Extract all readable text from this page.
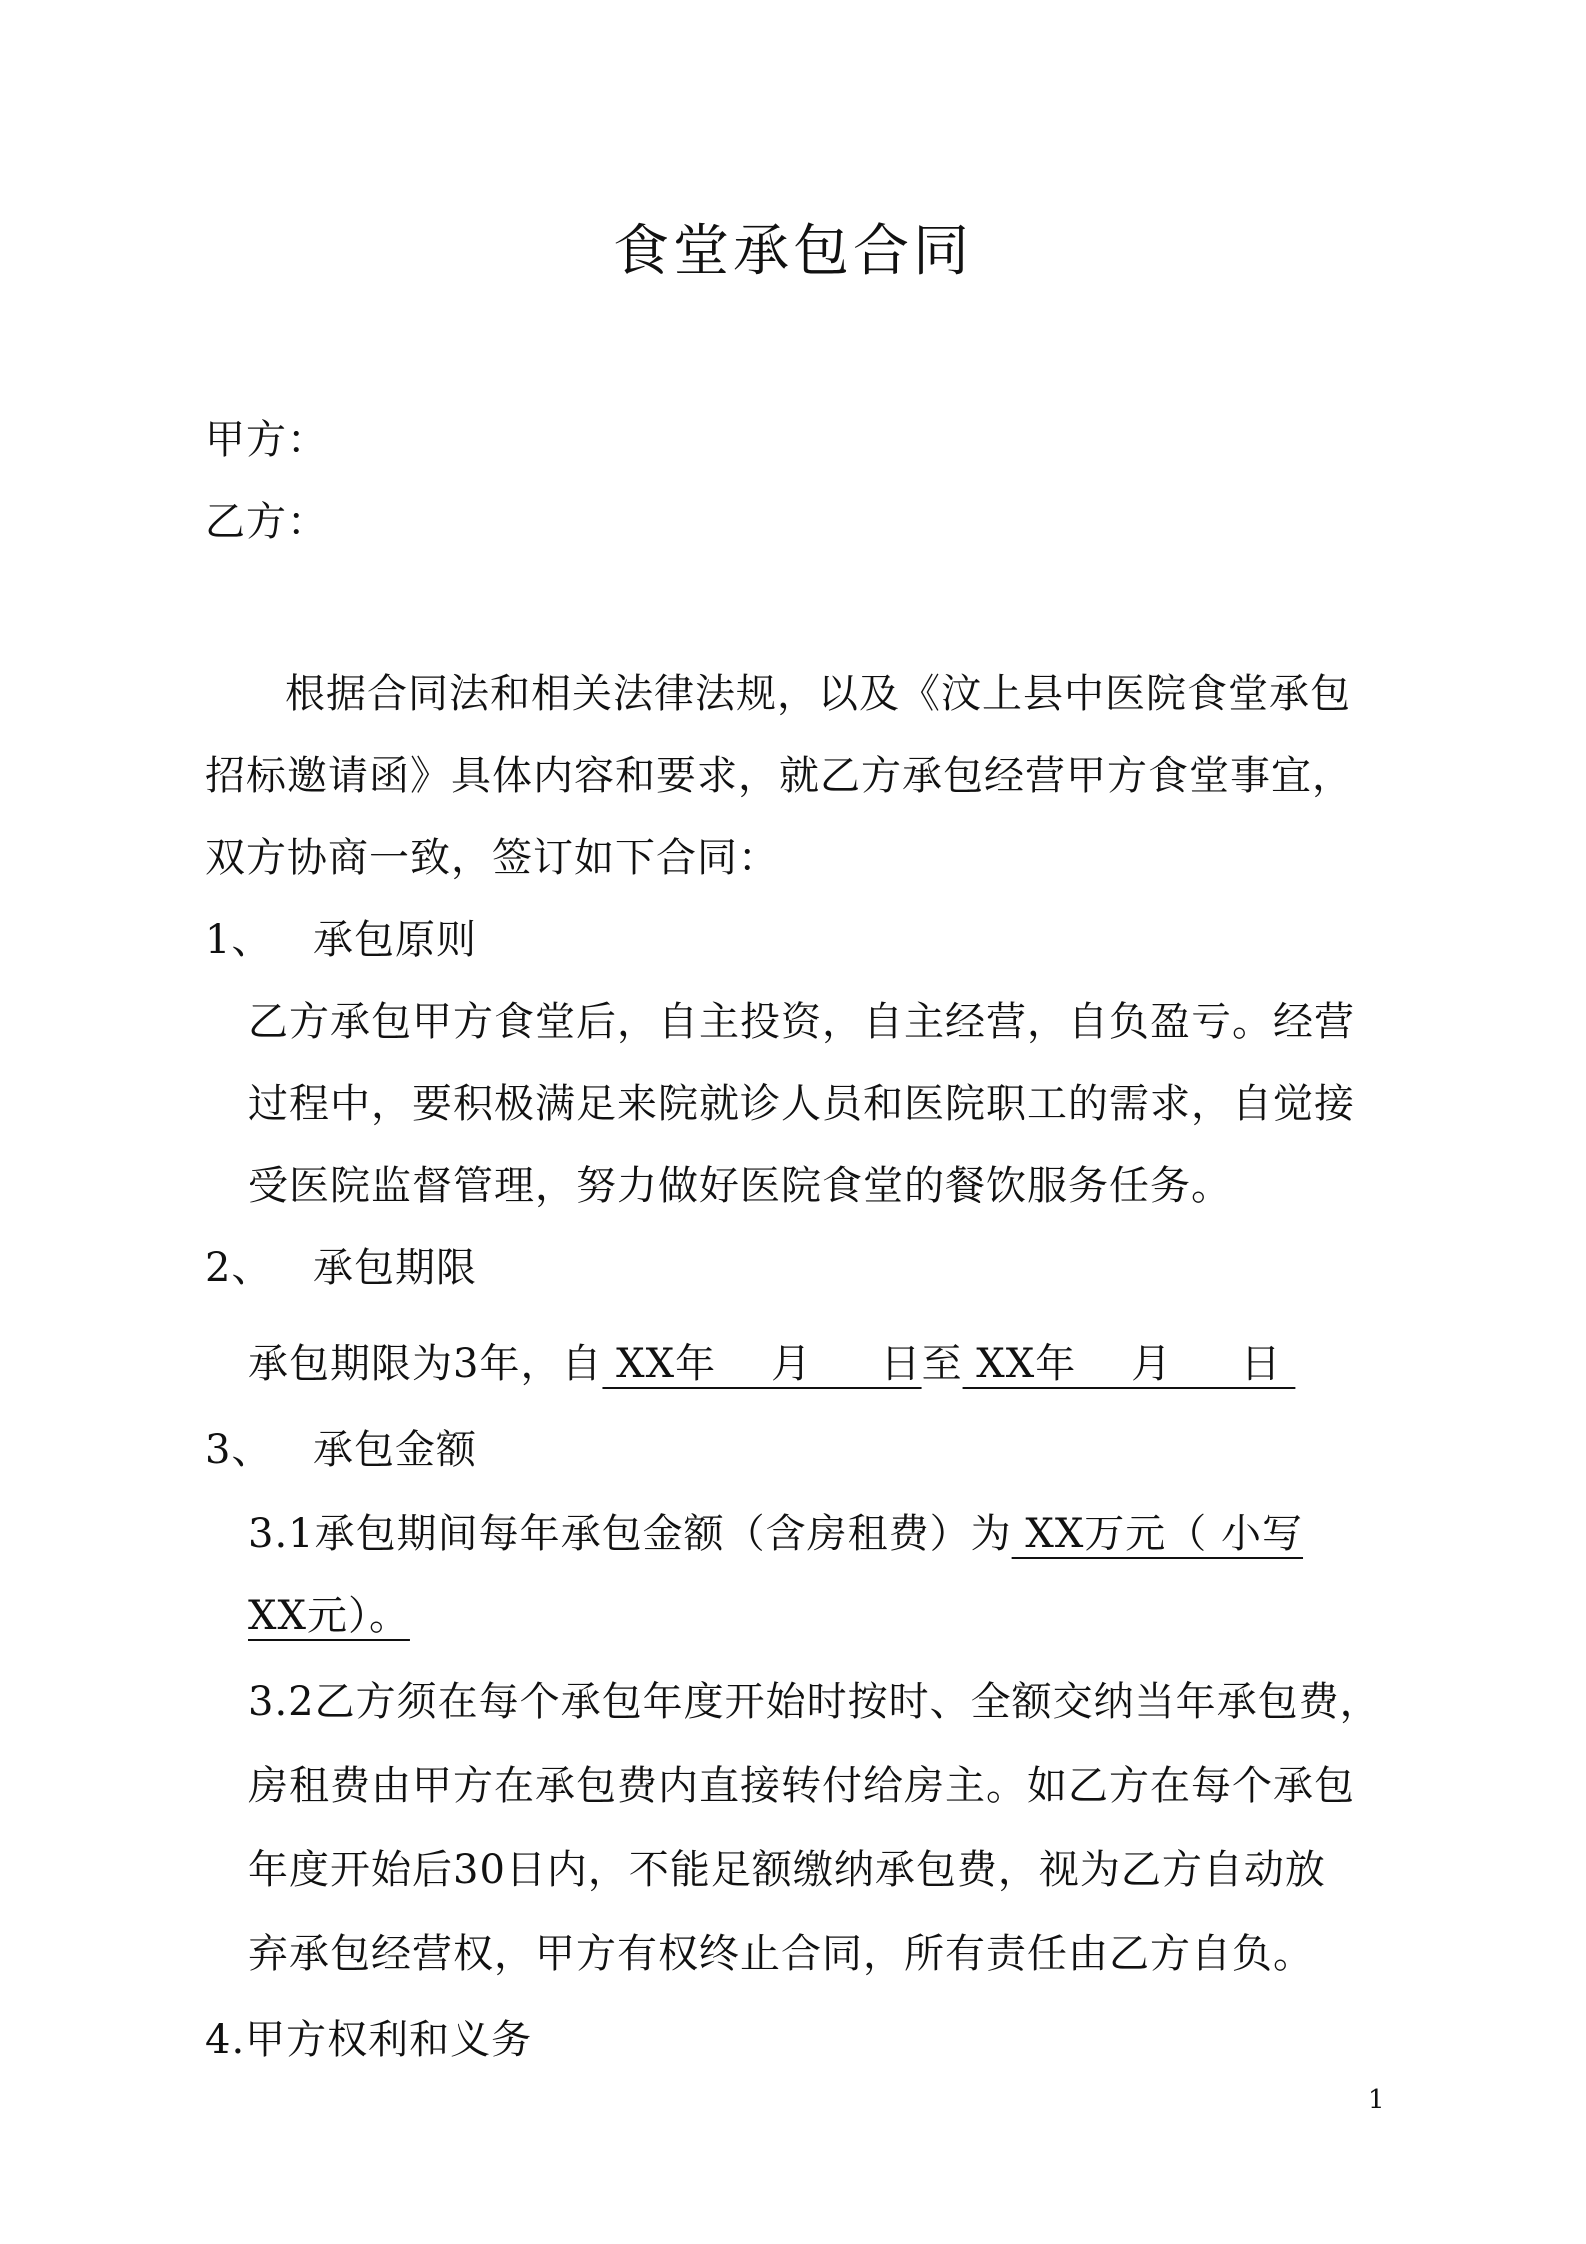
食堂承包合同
甲方：
乙方：
根据合同法和相关法律法规，以及《汶上县中医院食堂承包
招标邀请函》具体内容和要求，就乙方承包经营甲方食堂事宜，
双方协商一致，签订如下合同：
1、 承包原则
乙方承包甲方食堂后，自主投资，自主经营，自负盈亏。经营
过程中，要积极满足来院就诊人员和医院职工的需求，自觉接
受医院监督管理，努力做好医院食堂的餐饮服务任务。
2、 承包期限
承包期限为3年，自 XX年    月     日至 XX年    月     日
3、 承包金额
3.1承包期间每年承包金额（含房租费）为 XX万元（ 小写
XX元）。
3.2乙方须在每个承包年度开始时按时、全额交纳当年承包费，
房租费由甲方在承包费内直接转付给房主。如乙方在每个承包
年度开始后30日内，不能足额缴纳承包费，视为乙方自动放
弃承包经营权，甲方有权终止合同，所有责任由乙方自负。
4.甲方权利和义务
1
